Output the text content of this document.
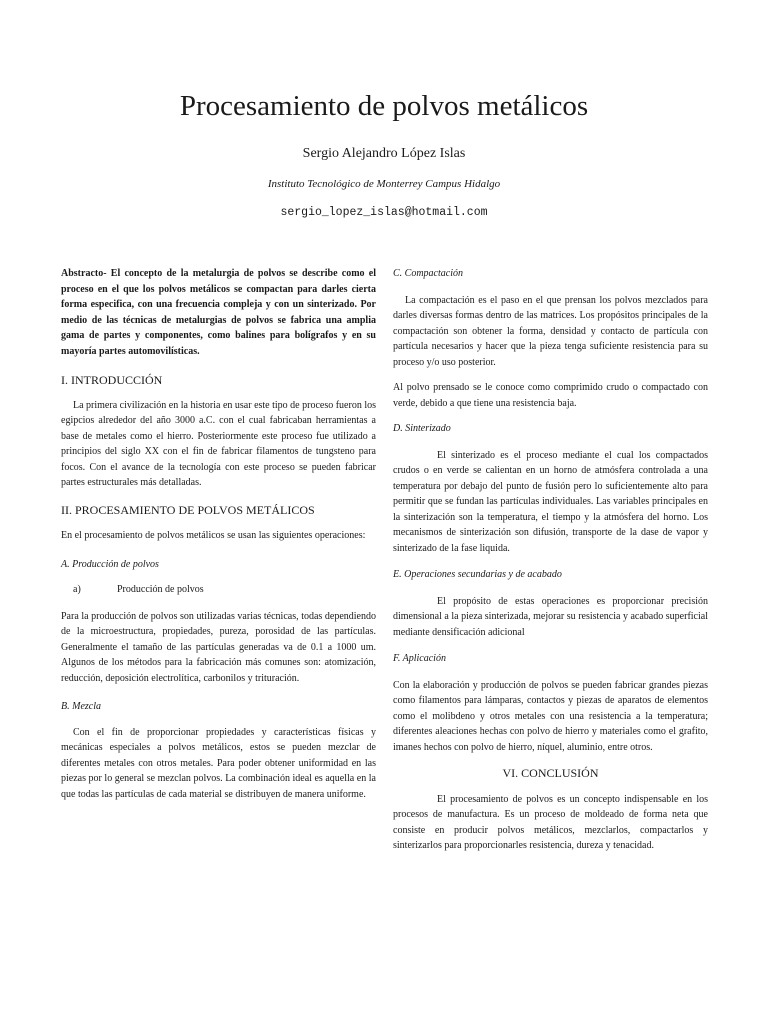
Procesamiento de polvos metálicos
Sergio Alejandro López Islas
Instituto Tecnológico de Monterrey Campus Hidalgo
sergio_lopez_islas@hotmail.com

Abstracto- El concepto de la metalurgia de polvos se describe como el proceso en el que los polvos metálicos se compactan para darles cierta forma especifica, con una frecuencia compleja y con un sinterizado. Por medio de las técnicas de metalurgias de polvos se fabrica una amplia gama de partes y componentes, como balines para bolígrafos y en su mayoría partes automovilísticas.

I. INTRODUCCIÓN

La primera civilización en la historia en usar este tipo de proceso fueron los egipcios alrededor del año 3000 a.C. con el cual fabricaban herramientas a base de metales como el hierro. Posteriormente este proceso fue utilizado a principios del siglo XX con el fin de fabricar filamentos de tungsteno para focos. Con el avance de la tecnología con este proceso se pueden fabricar partes estructurales más detalladas.

II. PROCESAMIENTO DE POLVOS METÁLICOS

En el procesamiento de polvos metálicos se usan las siguientes operaciones:

A. Producción de polvos
a)	Producción de polvos

Para la producción de polvos son utilizadas varias técnicas, todas dependiendo de la microestructura, propiedades, pureza, porosidad de las partículas. Generalmente el tamaño de las partículas generadas va de 0.1 a 1000 um. Algunos de los métodos para la fabricación más comunes son: atomización, reducción, deposición electrolítica, carbonilos y trituración.

B. Mezcla

Con el fin de proporcionar propiedades y características físicas y mecánicas especiales a polvos metálicos, estos se pueden mezclar de diferentes metales con otros metales. Para poder obtener uniformidad en las piezas por lo general se mezclan polvos. La combinación ideal es aquella en la que todas las partículas de cada material se distribuyen de manera uniforme.

C. Compactación

La compactación es el paso en el que prensan los polvos mezclados para darles diversas formas dentro de las matrices. Los propósitos principales de la compactación son obtener la forma, densidad y contacto de partícula con partícula necesarios y hacer que la pieza tenga suficiente resistencia para su proceso y/o uso posterior.

Al polvo prensado se le conoce como comprimido crudo o compactado con verde, debido a que tiene una resistencia baja.

D. Sinterizado

El sinterizado es el proceso mediante el cual los compactados crudos o en verde se calientan en un horno de atmósfera controlada a una temperatura por debajo del punto de fusión pero lo suficientemente alto para permitir que se fundan las partículas individuales. Las variables principales en la sinterización son la temperatura, el tiempo y la atmósfera del horno. Los mecanismos de sinterización son difusión, transporte de la dase de vapor y sinterizado de la fase liquida.

E. Operaciones secundarias y de acabado

El propósito de estas operaciones es proporcionar precisión dimensional a la pieza sinterizada, mejorar su resistencia y acabado superficial mediante densificación adicional

F. Aplicación

Con la elaboración y producción de polvos se pueden fabricar grandes piezas como filamentos para lámparas, contactos y piezas de aparatos de elementos como el molibdeno y otros metales con una resistencia a la temperatura; diferentes aleaciones hechas con polvo de hierro y materiales como el grafito, imanes hechos con polvo de hierro, níquel, aluminio, entre otros.

VI. CONCLUSIÓN

El procesamiento de polvos es un concepto indispensable en los procesos de manufactura. Es un proceso de moldeado de forma neta que consiste en producir polvos metálicos, mezclarlos, compactarlos y sinterizarlos para proporcionarles resistencia, dureza y tenacidad.
